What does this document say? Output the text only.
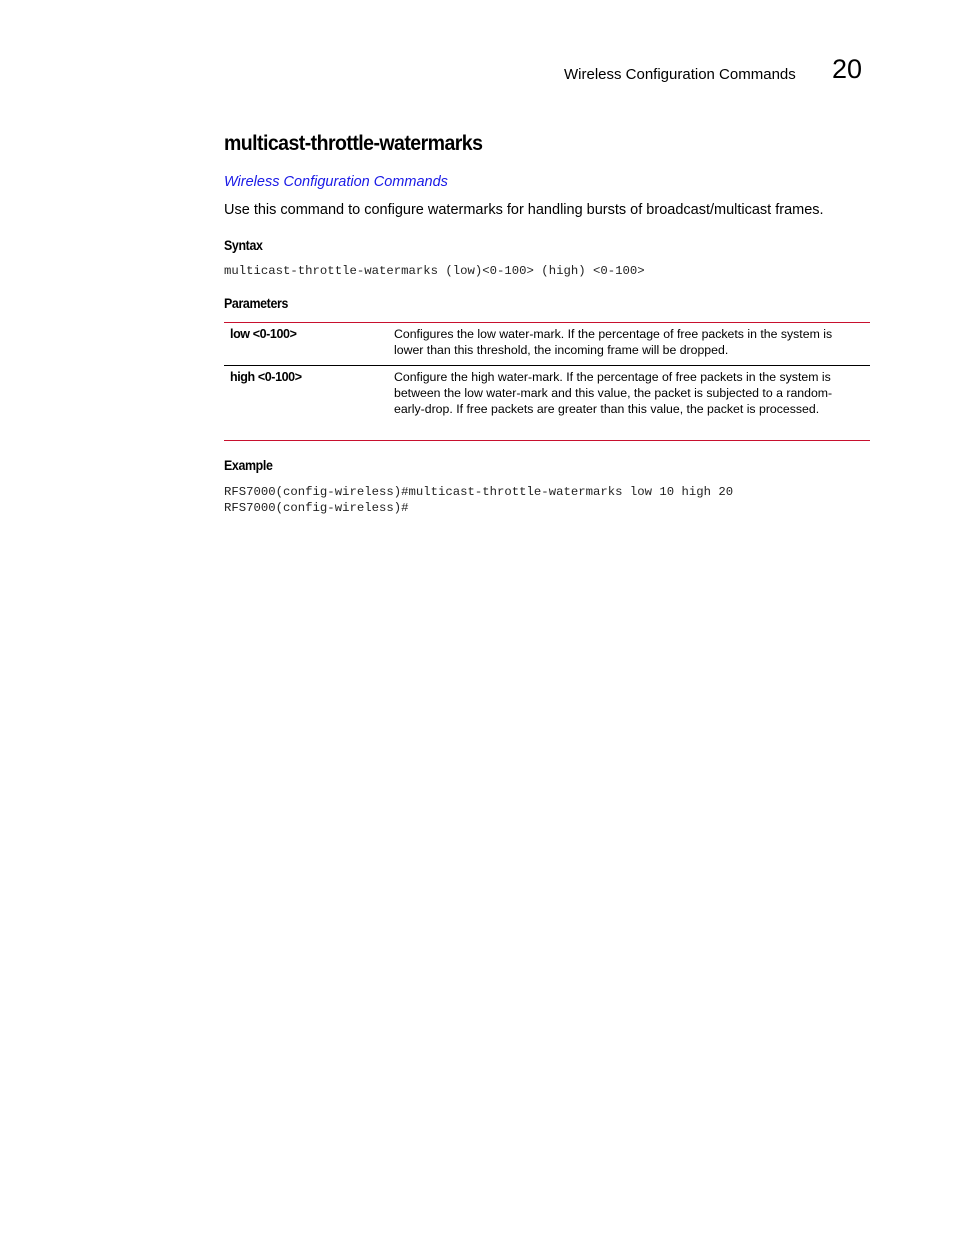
Wireless Configuration Commands 20
multicast-throttle-watermarks
Wireless Configuration Commands

Use this command to configure watermarks for handling bursts of broadcast/multicast frames.

Syntax
multicast-throttle-watermarks (low)<0-100> (high) <0-100>
Parameters
low <0-100>	Configures the low water-mark. If the percentage of free packets in the system is lower than this threshold, the incoming frame will be dropped.
high <0-100>	Configure the high water-mark. If the percentage of free packets in the system is between the low water-mark and this value, the packet is subjected to a random-early-drop. If free packets are greater than this value, the packet is processed.
Example
RFS7000(config-wireless)#multicast-throttle-watermarks low 10 high 20
RFS7000(config-wireless)#
